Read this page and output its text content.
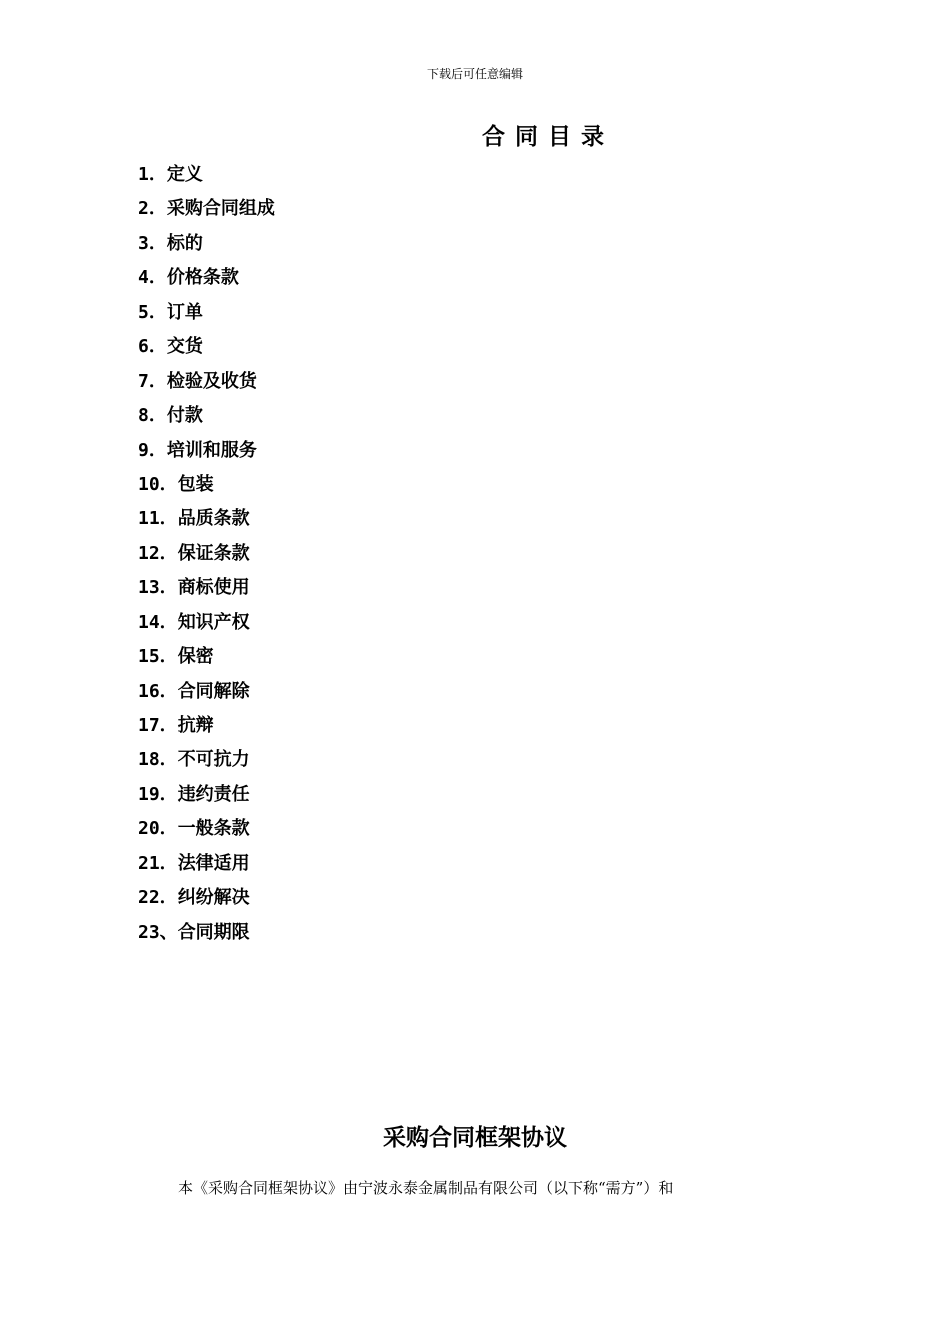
下载后可任意编辑
合同目录
1．定义
2．采购合同组成
3．标的
4．价格条款
5．订单
6．交货
7．检验及收货
8．付款
9．培训和服务
10．包装
11．品质条款
12．保证条款
13．商标使用
14．知识产权
15．保密
16．合同解除
17．抗辩
18．不可抗力
19．违约责任
20．一般条款
21．法律适用
22．纠纷解决
23、合同期限
采购合同框架协议
本《采购合同框架协议》由宁波永泰金属制品有限公司（以下称“需方”）和
